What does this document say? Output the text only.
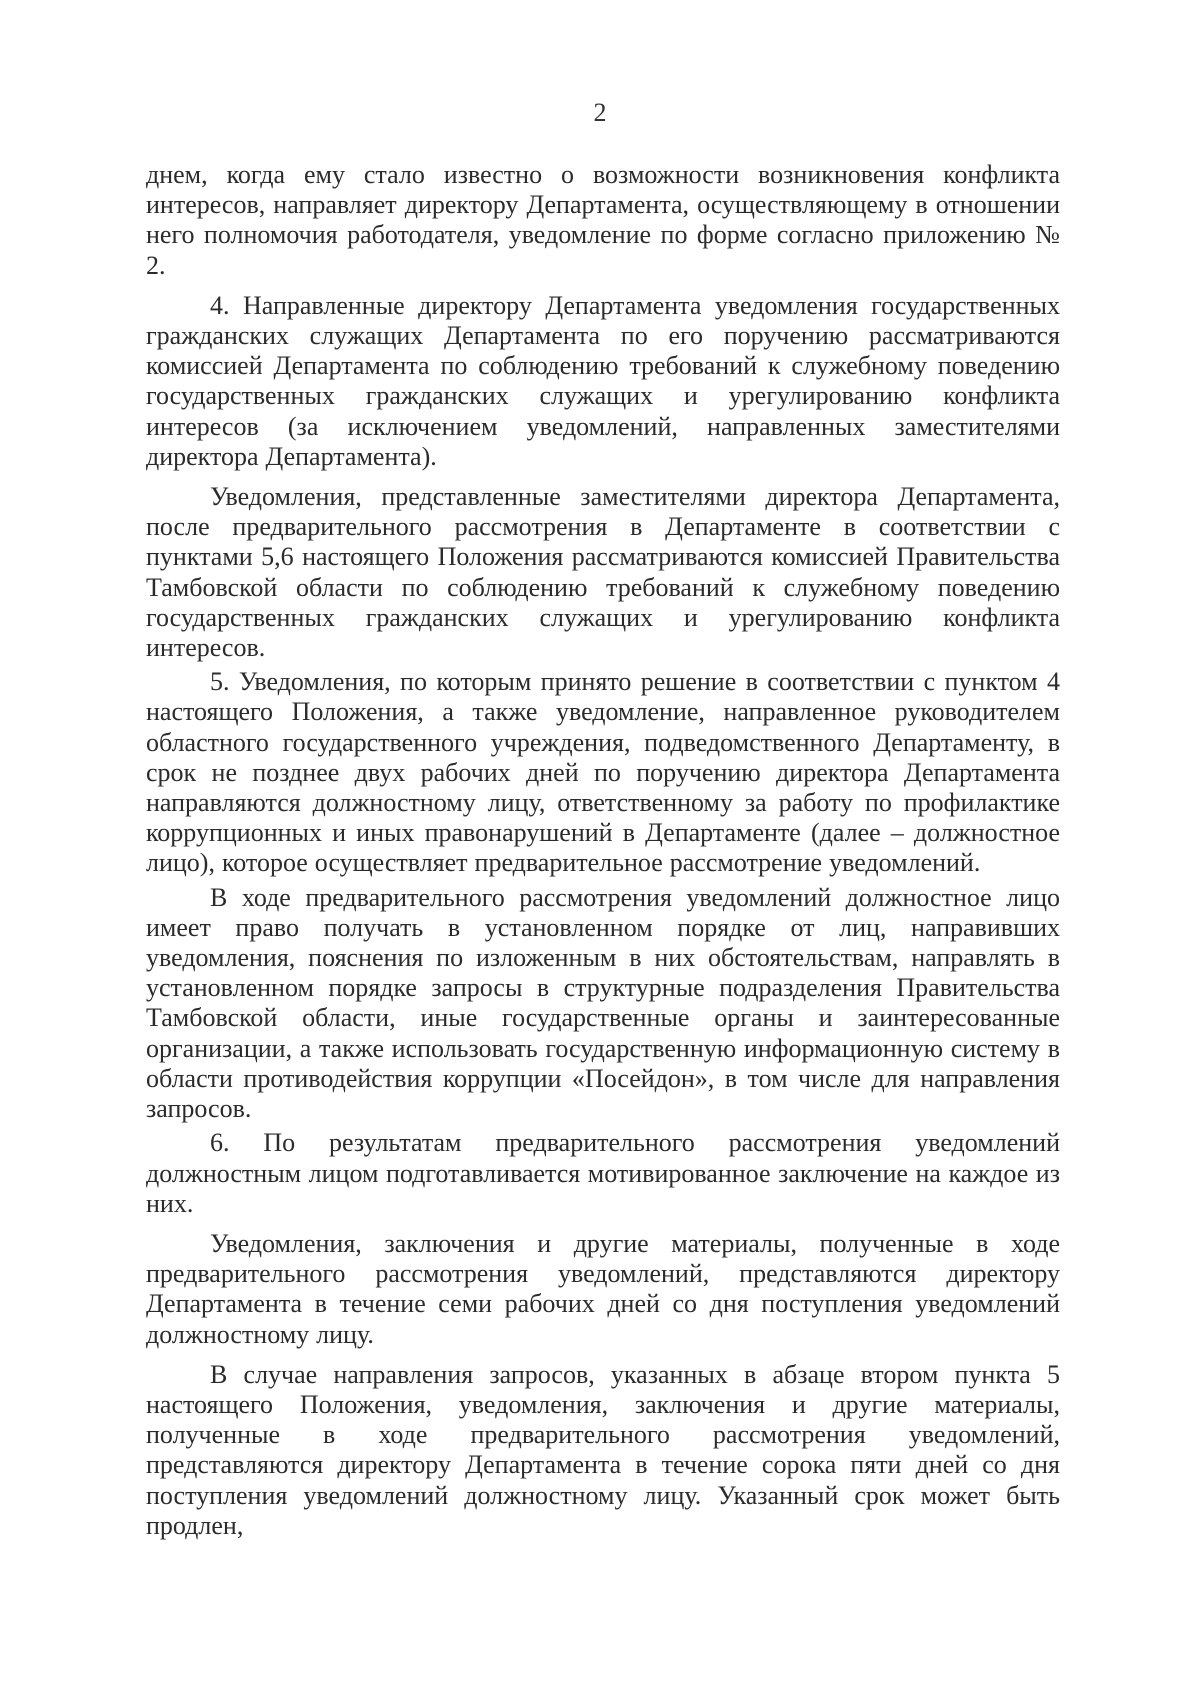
2

днем, когда ему стало известно о возможности возникновения конфликта интересов, направляет директору Департамента, осуществляющему в отношении него полномочия работодателя, уведомление по форме согласно приложению № 2.

4. Направленные директору Департамента уведомления государственных гражданских служащих Департамента по его поручению рассматриваются комиссией Департамента по соблюдению требований к служебному поведению государственных гражданских служащих и урегулированию конфликта интересов (за исключением уведомлений, направленных заместителями директора Департамента).

Уведомления, представленные заместителями директора Департамента, после предварительного рассмотрения в Департаменте в соответствии с пунктами 5,6 настоящего Положения рассматриваются комиссией Правительства Тамбовской области по соблюдению требований к служебному поведению государственных гражданских служащих и урегулированию конфликта интересов.

5. Уведомления, по которым принято решение в соответствии с пунктом 4 настоящего Положения, а также уведомление, направленное руководителем областного государственного учреждения, подведомственного Департаменту, в срок не позднее двух рабочих дней по поручению директора Департамента направляются должностному лицу, ответственному за работу по профилактике коррупционных и иных правонарушений в Департаменте (далее – должностное лицо), которое осуществляет предварительное рассмотрение уведомлений.

В ходе предварительного рассмотрения уведомлений должностное лицо имеет право получать в установленном порядке от лиц, направивших уведомления, пояснения по изложенным в них обстоятельствам, направлять в установленном порядке запросы в структурные подразделения Правительства Тамбовской области, иные государственные органы и заинтересованные организации, а также использовать государственную информационную систему в области противодействия коррупции «Посейдон», в том числе для направления запросов.

6. По результатам предварительного рассмотрения уведомлений должностным лицом подготавливается мотивированное заключение на каждое из них.

Уведомления, заключения и другие материалы, полученные в ходе предварительного рассмотрения уведомлений, представляются директору Департамента в течение семи рабочих дней со дня поступления уведомлений должностному лицу.

В случае направления запросов, указанных в абзаце втором пункта 5 настоящего Положения, уведомления, заключения и другие материалы, полученные в ходе предварительного рассмотрения уведомлений, представляются директору Департамента в течение сорока пяти дней со дня поступления уведомлений должностному лицу. Указанный срок может быть продлен,
